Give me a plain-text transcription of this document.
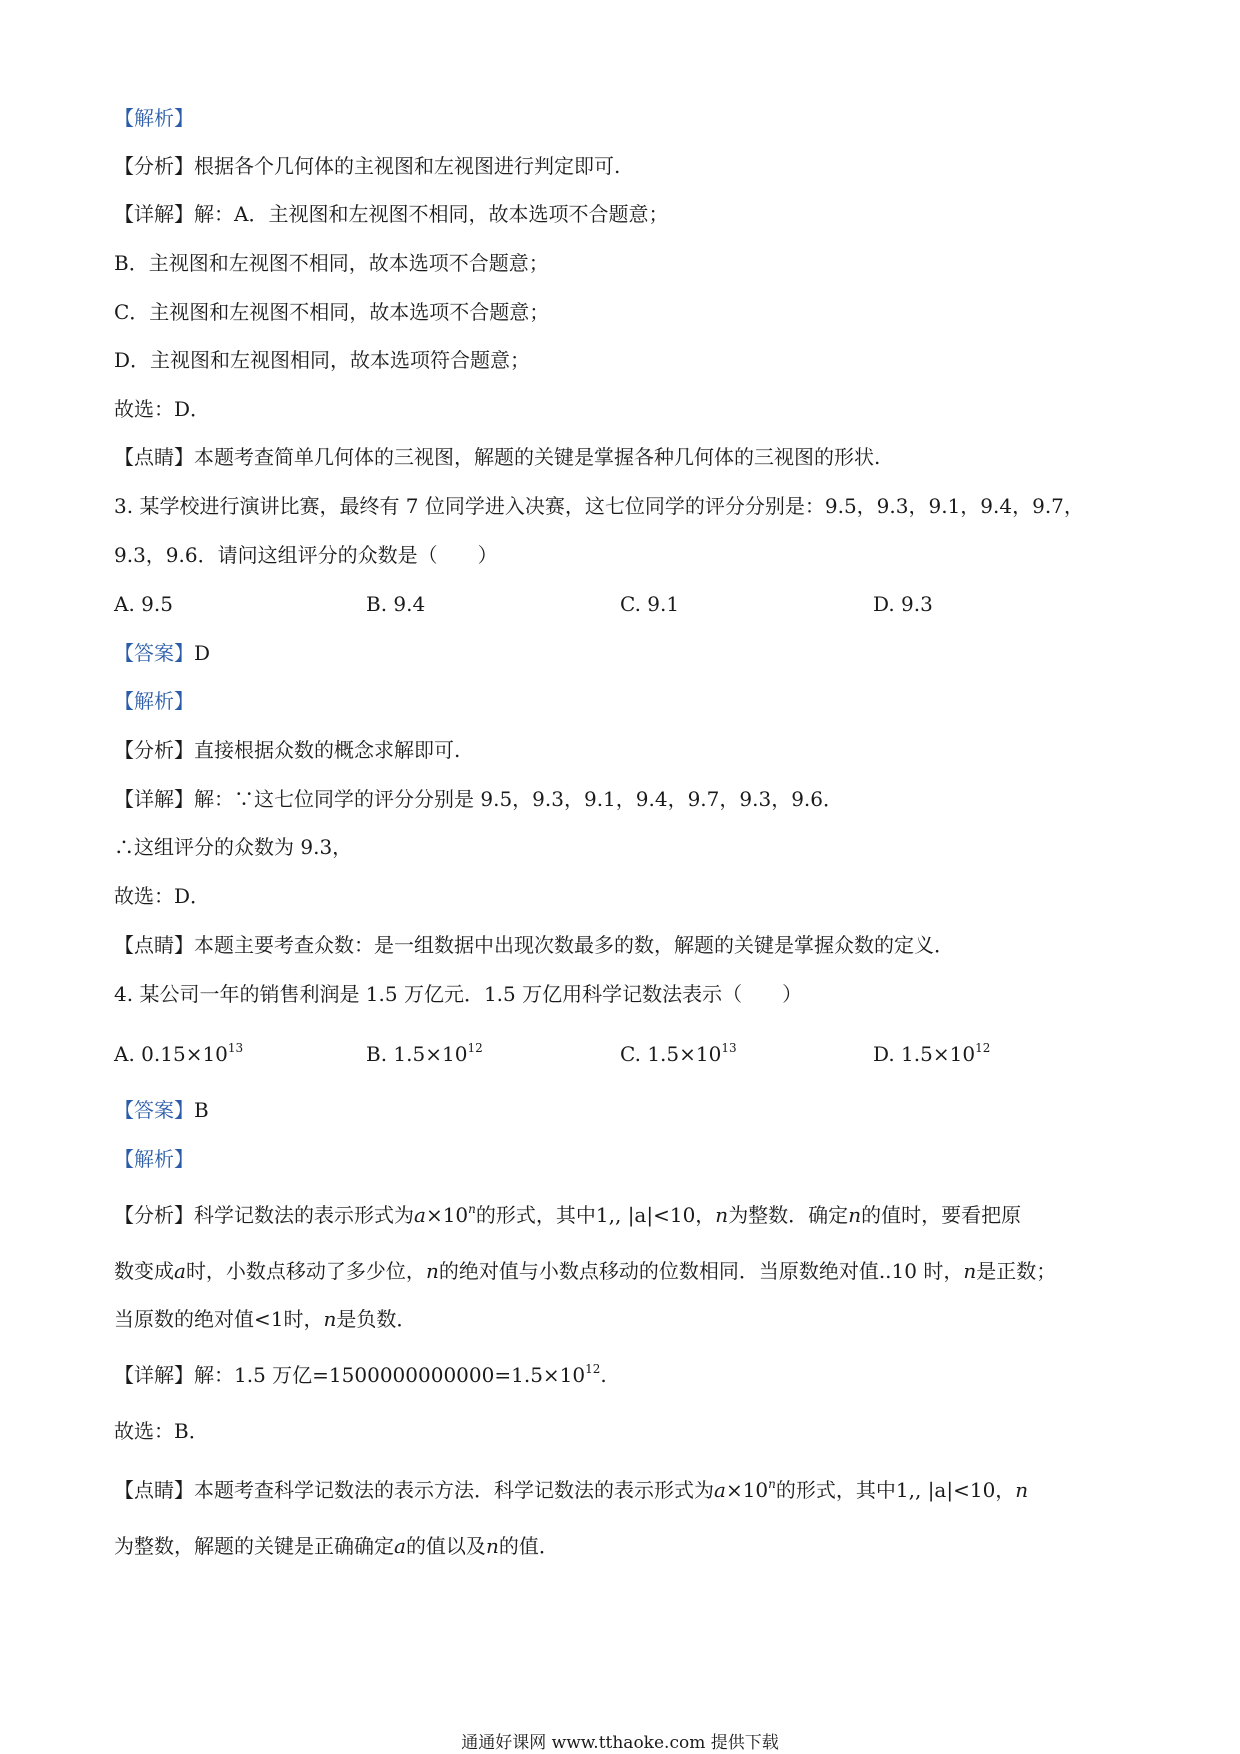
【解析】
【分析】根据各个几何体的主视图和左视图进行判定即可.
【详解】解：A．主视图和左视图不相同，故本选项不合题意；
B．主视图和左视图不相同，故本选项不合题意；
C．主视图和左视图不相同，故本选项不合题意；
D．主视图和左视图相同，故本选项符合题意；
故选：D．
【点睛】本题考查简单几何体的三视图，解题的关键是掌握各种几何体的三视图的形状.
3. 某学校进行演讲比赛，最终有 7 位同学进入决赛，这七位同学的评分分别是：9.5，9.3，9.1，9.4，9.7，
9.3，9.6．请问这组评分的众数是（　　）
A. 9.5	B. 9.4	C. 9.1	D. 9.3
【答案】D
【解析】
【分析】直接根据众数的概念求解即可.
【详解】解：∵这七位同学的评分分别是 9.5，9.3，9.1，9.4，9.7，9.3，9.6．
∴这组评分的众数为 9.3，
故选：D．
【点睛】本题主要考查众数：是一组数据中出现次数最多的数，解题的关键是掌握众数的定义．
4. 某公司一年的销售利润是 1.5 万亿元．1.5 万亿用科学记数法表示（　　）
A. $0.15\times 10^{13}$	B. $1.5\times 10^{12}$	C. $1.5\times 10^{13}$	D. $1.5\times 10^{12}$
【答案】B
【解析】
【分析】科学记数法的表示形式为$a\times 10^n$的形式，其中1,, |a|<10，n为整数．确定n的值时，要看把原
数变成a时，小数点移动了多少位，n的绝对值与小数点移动的位数相同．当原数绝对值..10 时，n是正数；
当原数的绝对值<1时，n是负数．
【详解】解：1.5 万亿$=1500000000000=1.5\times 10^{12}$.
故选：B．
【点睛】本题考查科学记数法的表示方法．科学记数法的表示形式为$a\times 10^n$的形式，其中1,, |a|<10，n
为整数，解题的关键是正确确定a的值以及n的值．
通通好课网 www.tthaoke.com 提供下载
